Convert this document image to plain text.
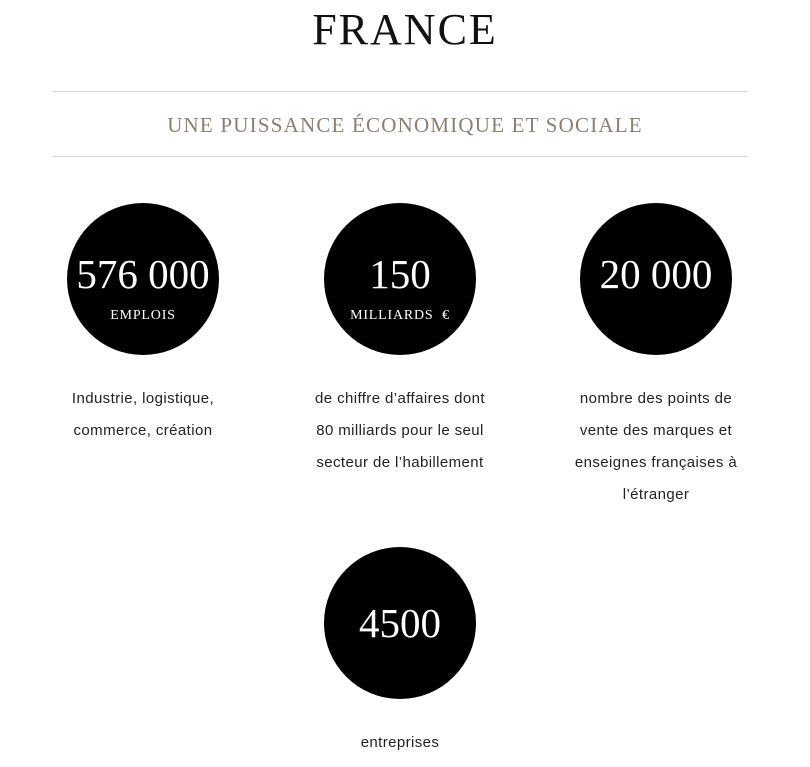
FRANCE
UNE PUISSANCE ÉCONOMIQUE ET SOCIALE
576 000
EMPLOIS
Industrie, logistique,
commerce, création
150
MILLIARDS  €
de chiffre d’affaires dont
80 milliards pour le seul
secteur de l’habillement
20 000
nombre des points de
vente des marques et
enseignes françaises à
l’étranger
4500
entreprises
